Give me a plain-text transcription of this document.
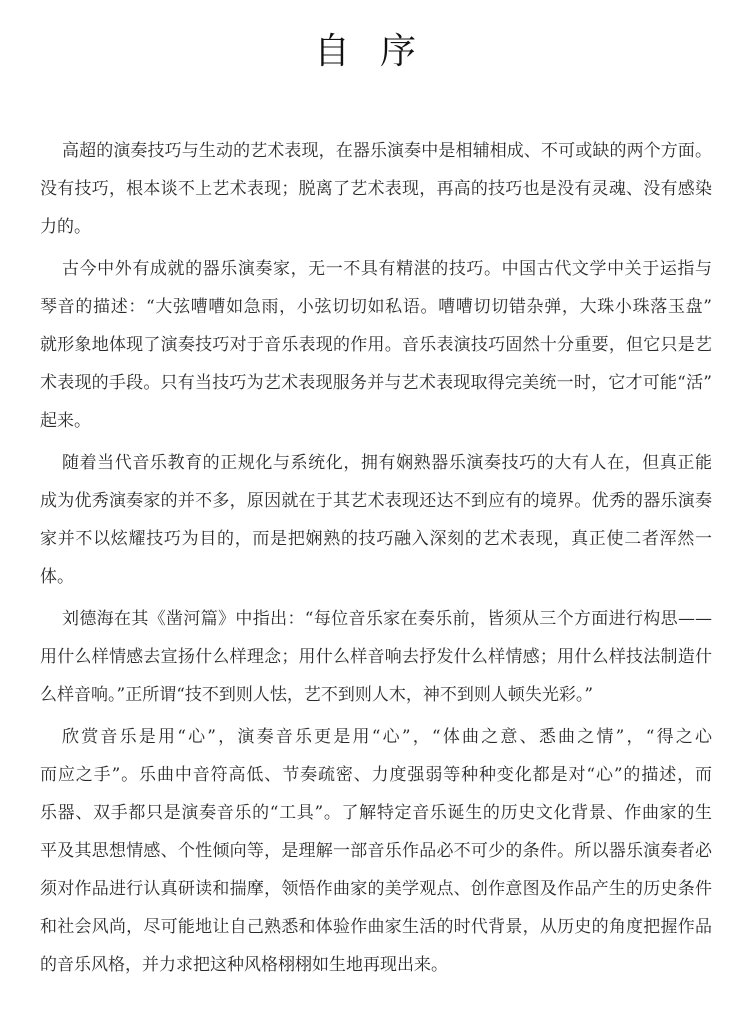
自序
高超的演奏技巧与生动的艺术表现，在器乐演奏中是相辅相成、不可或缺的两个方面。
没有技巧，根本谈不上艺术表现；脱离了艺术表现，再高的技巧也是没有灵魂、没有感染
力的。
古今中外有成就的器乐演奏家，无一不具有精湛的技巧。中国古代文学中关于运指与
琴音的描述：“大弦嘈嘈如急雨，小弦切切如私语。嘈嘈切切错杂弹，大珠小珠落玉盘”
就形象地体现了演奏技巧对于音乐表现的作用。音乐表演技巧固然十分重要，但它只是艺
术表现的手段。只有当技巧为艺术表现服务并与艺术表现取得完美统一时，它才可能“活”
起来。
随着当代音乐教育的正规化与系统化，拥有娴熟器乐演奏技巧的大有人在，但真正能
成为优秀演奏家的并不多，原因就在于其艺术表现还达不到应有的境界。优秀的器乐演奏
家并不以炫耀技巧为目的，而是把娴熟的技巧融入深刻的艺术表现，真正使二者浑然一体。
刘德海在其《凿河篇》中指出：“每位音乐家在奏乐前，皆须从三个方面进行构思——
用什么样情感去宣扬什么样理念；用什么样音响去抒发什么样情感；用什么样技法制造什
么样音响。”正所谓“技不到则人怯，艺不到则人木，神不到则人顿失光彩。”
欣赏音乐是用“心”，演奏音乐更是用“心”，“体曲之意、悉曲之情”，“得之心
而应之手”。乐曲中音符高低、节奏疏密、力度强弱等种种变化都是对“心”的描述，而
乐器、双手都只是演奏音乐的“工具”。了解特定音乐诞生的历史文化背景、作曲家的生
平及其思想情感、个性倾向等，是理解一部音乐作品必不可少的条件。所以器乐演奏者必
须对作品进行认真研读和揣摩，领悟作曲家的美学观点、创作意图及作品产生的历史条件
和社会风尚，尽可能地让自己熟悉和体验作曲家生活的时代背景，从历史的角度把握作品
的音乐风格，并力求把这种风格栩栩如生地再现出来。
